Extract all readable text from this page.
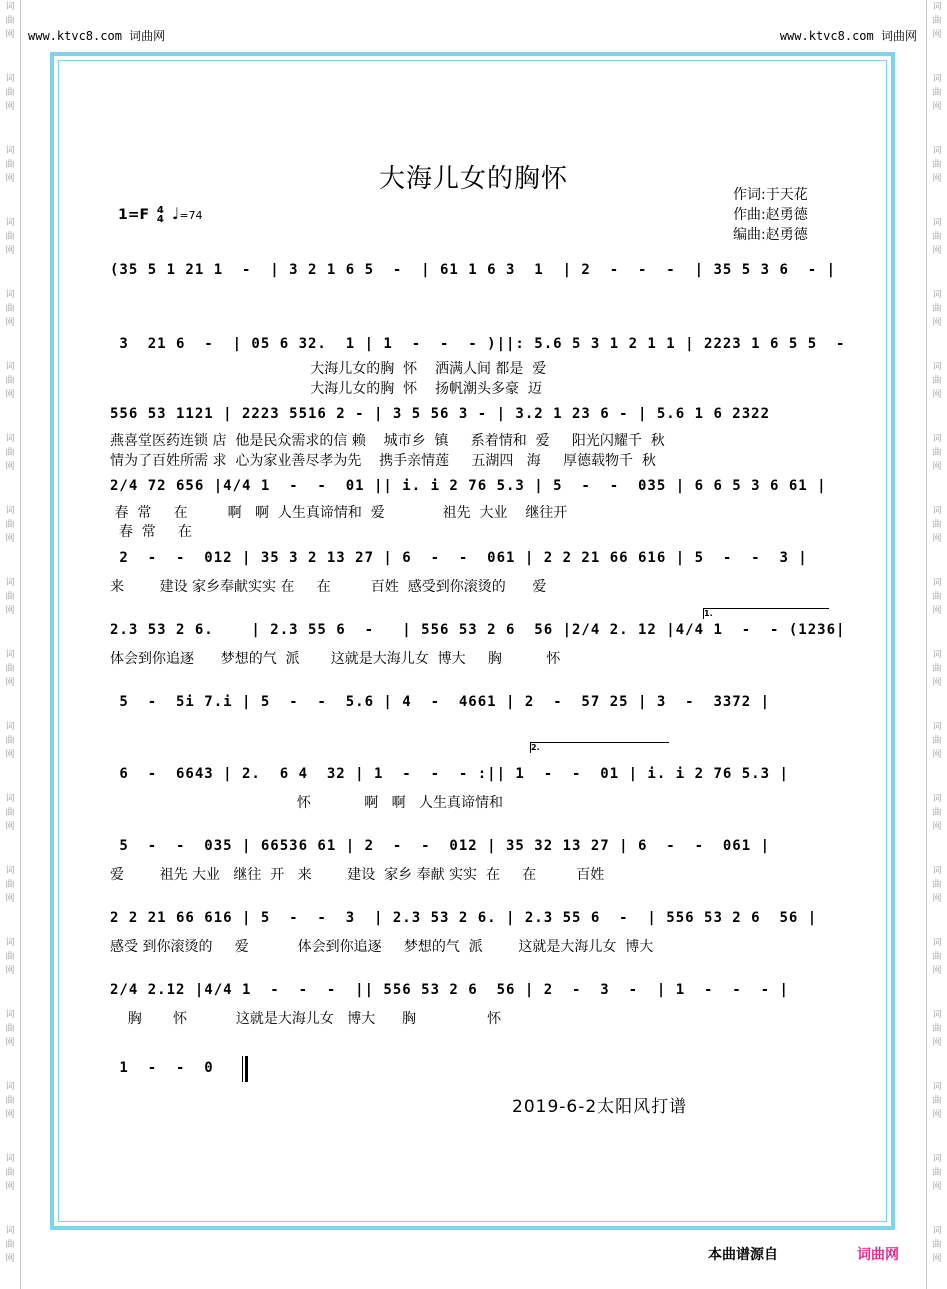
词
曲
网
词
曲
网
词
曲
网
词
曲
网
词
曲
网
词
曲
网
词
曲
网
词
曲
网
词
曲
网
词
曲
网
词
曲
网
词
曲
网
词
曲
网
词
曲
网
词
曲
网
词
曲
网
词
曲
网
词
曲
网
词
曲
网
词
曲
网
词
曲
网
词
曲
网
词
曲
网
词
曲
网
词
曲
网
词
曲
网
词
曲
网
词
曲
网
词
曲
网
词
曲
网
词
曲
网
词
曲
网
词
曲
网
词
曲
网
词
曲
网
词
曲
网
www.ktvc8.com 词曲网	www.ktvc8.com 词曲网
大海儿女的胸怀
作词:于天花
作曲:赵勇德
编曲:赵勇德
1=F 4
4 ♩=74
(35 5 1 21 1  -  | 3 2 1 6 5  -  | 61 1 6 3  1  | 2  -  -  -  | 35 5 3 6  - |
3  21 6  -  | 05 6 32.  1 | 1  -  -  - )||: 5.6 5 3 1 2 1 1 | 2223 1 6 5 5  -
大海儿女的胸  怀    洒满人间 都是  爱
大海儿女的胸  怀    扬帆潮头多豪  迈
556 53 1121 | 2223 5516 2 - | 3 5 56 3 - | 3.2 1 23 6 - | 5.6 1 6 2322
燕喜堂医药连锁 店  他是民众需求的信 赖    城市乡  镇     系着情和  爱     阳光闪耀千  秋
情为了百姓所需 求  心为家业善尽孝为先    携手亲情莲     五湖四   海     厚德载物千  秋
2/4 72 656 |4/4 1  -  -  01 || i. i 2 76 5.3 | 5  -  -  035 | 6 6 5 3 6 61 |
春  常     在         啊   啊  人生真谛情和  爱             祖先  大业    继往开
春  常     在
2  -  -  012 | 35 3 2 13 27 | 6  -  -  061 | 2 2 21 66 616 | 5  -  -  3 |
来        建设 家乡奉献实实 在     在         百姓  感受到你滚烫的      爱
2.3 53 2 6.    | 2.3 55 6  -   | 556 53 2 6  56 |2/4 2. 12 |4/4 1  -  - (1236|
体会到你追逐      梦想的气  派       这就是大海儿女  博大     胸          怀
1.
5  -  5i 7.i | 5  -  -  5.6 | 4  -  4661 | 2  -  57 25 | 3  -  3372 |
6  -  6643 | 2.  6 4  32 | 1  -  -  - :|| 1  -  -  01 | i. i 2 76 5.3 |
怀            啊   啊   人生真谛情和
2.
5  -  -  035 | 66536 61 | 2  -  -  012 | 35 32 13 27 | 6  -  -  061 |
爱        祖先 大业   继往  开   来        建设  家乡 奉献 实实  在     在         百姓
2 2 21 66 616 | 5  -  -  3  | 2.3 53 2 6. | 2.3 55 6  -  | 556 53 2 6  56 |
感受 到你滚烫的     爱           体会到你追逐     梦想的气  派        这就是大海儿女  博大
2/4 2.12 |4/4 1  -  -  -  || 556 53 2 6  56 | 2  -  3  -  | 1  -  -  - |
胸       怀           这就是大海儿女   博大      胸                怀
1  -  -  0
2019-6-2太阳风打谱
本曲谱源自	词曲网
